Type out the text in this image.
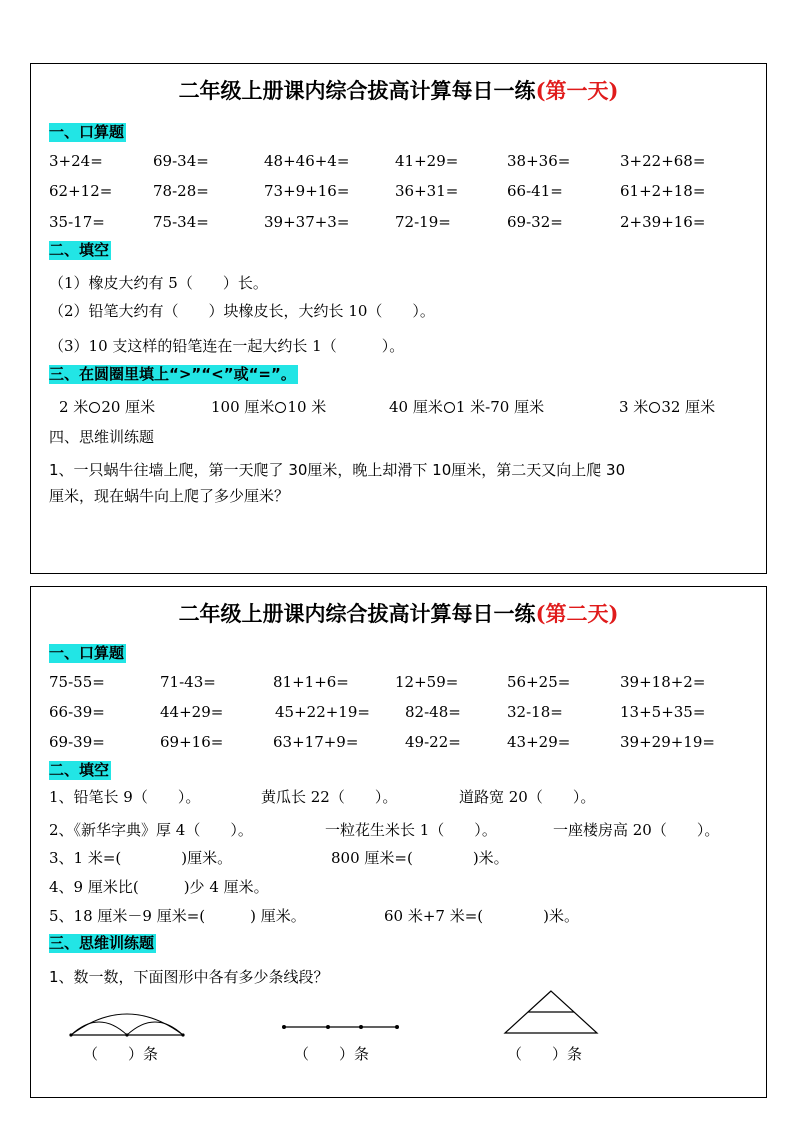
二年级上册课内综合拔高计算每日一练(第一天)
一、口算题
3+24=	69-34=	48+46+4=	41+29=	38+36=	3+22+68=
62+12=	78-28=	73+9+16=	36+31=	66-41=	61+2+18=
35-17=	75-34=	39+37+3=	72-19=	69-32=	2+39+16=
二、填空
（1）橡皮大约有 5（　　）长。
（2）铅笔大约有（　　）块橡皮长，大约长 10（　　）。
（3）10 支这样的铅笔连在一起大约长 1（　　　）。
三、在圆圈里填上“>”“<”或“=”。
2 米 20 厘米	100 厘米 10 米	40 厘米 1 米-70 厘米	3 米 32 厘米
四、思维训练题
1、一只蜗牛往墙上爬，第一天爬了 30厘米，晚上却滑下 10厘米，第二天又向上爬 30
厘米，现在蜗牛向上爬了多少厘米？
二年级上册课内综合拔高计算每日一练(第二天)
一、口算题
75-55=	71-43=	81+1+6=	12+59=	56+25=	39+18+2=
66-39=	44+29=	45+22+19= 82-48=	32-18=	13+5+35=
69-39=	69+16=	63+17+9=	49-22=	43+29=	39+29+19=
二、填空
1、铅笔长 9（　　）。	黄瓜长 22（　　）。	道路宽 20（　　）。
2、《新华字典》厚 4（　　）。	一粒花生米长 1（　　）。	一座楼房高 20（　　）。
3、1 米=(　　　　)厘米。	800 厘米=(　　　　)米。
4、9 厘米比(　　　)少 4 厘米。
5、18 厘米－9 厘米=(　　　) 厘米。	60 米+7 米=(　　　　)米。
三、思维训练题
1、数一数，下面图形中各有多少条线段？
（　　）条	（　　）条	（　　）条
